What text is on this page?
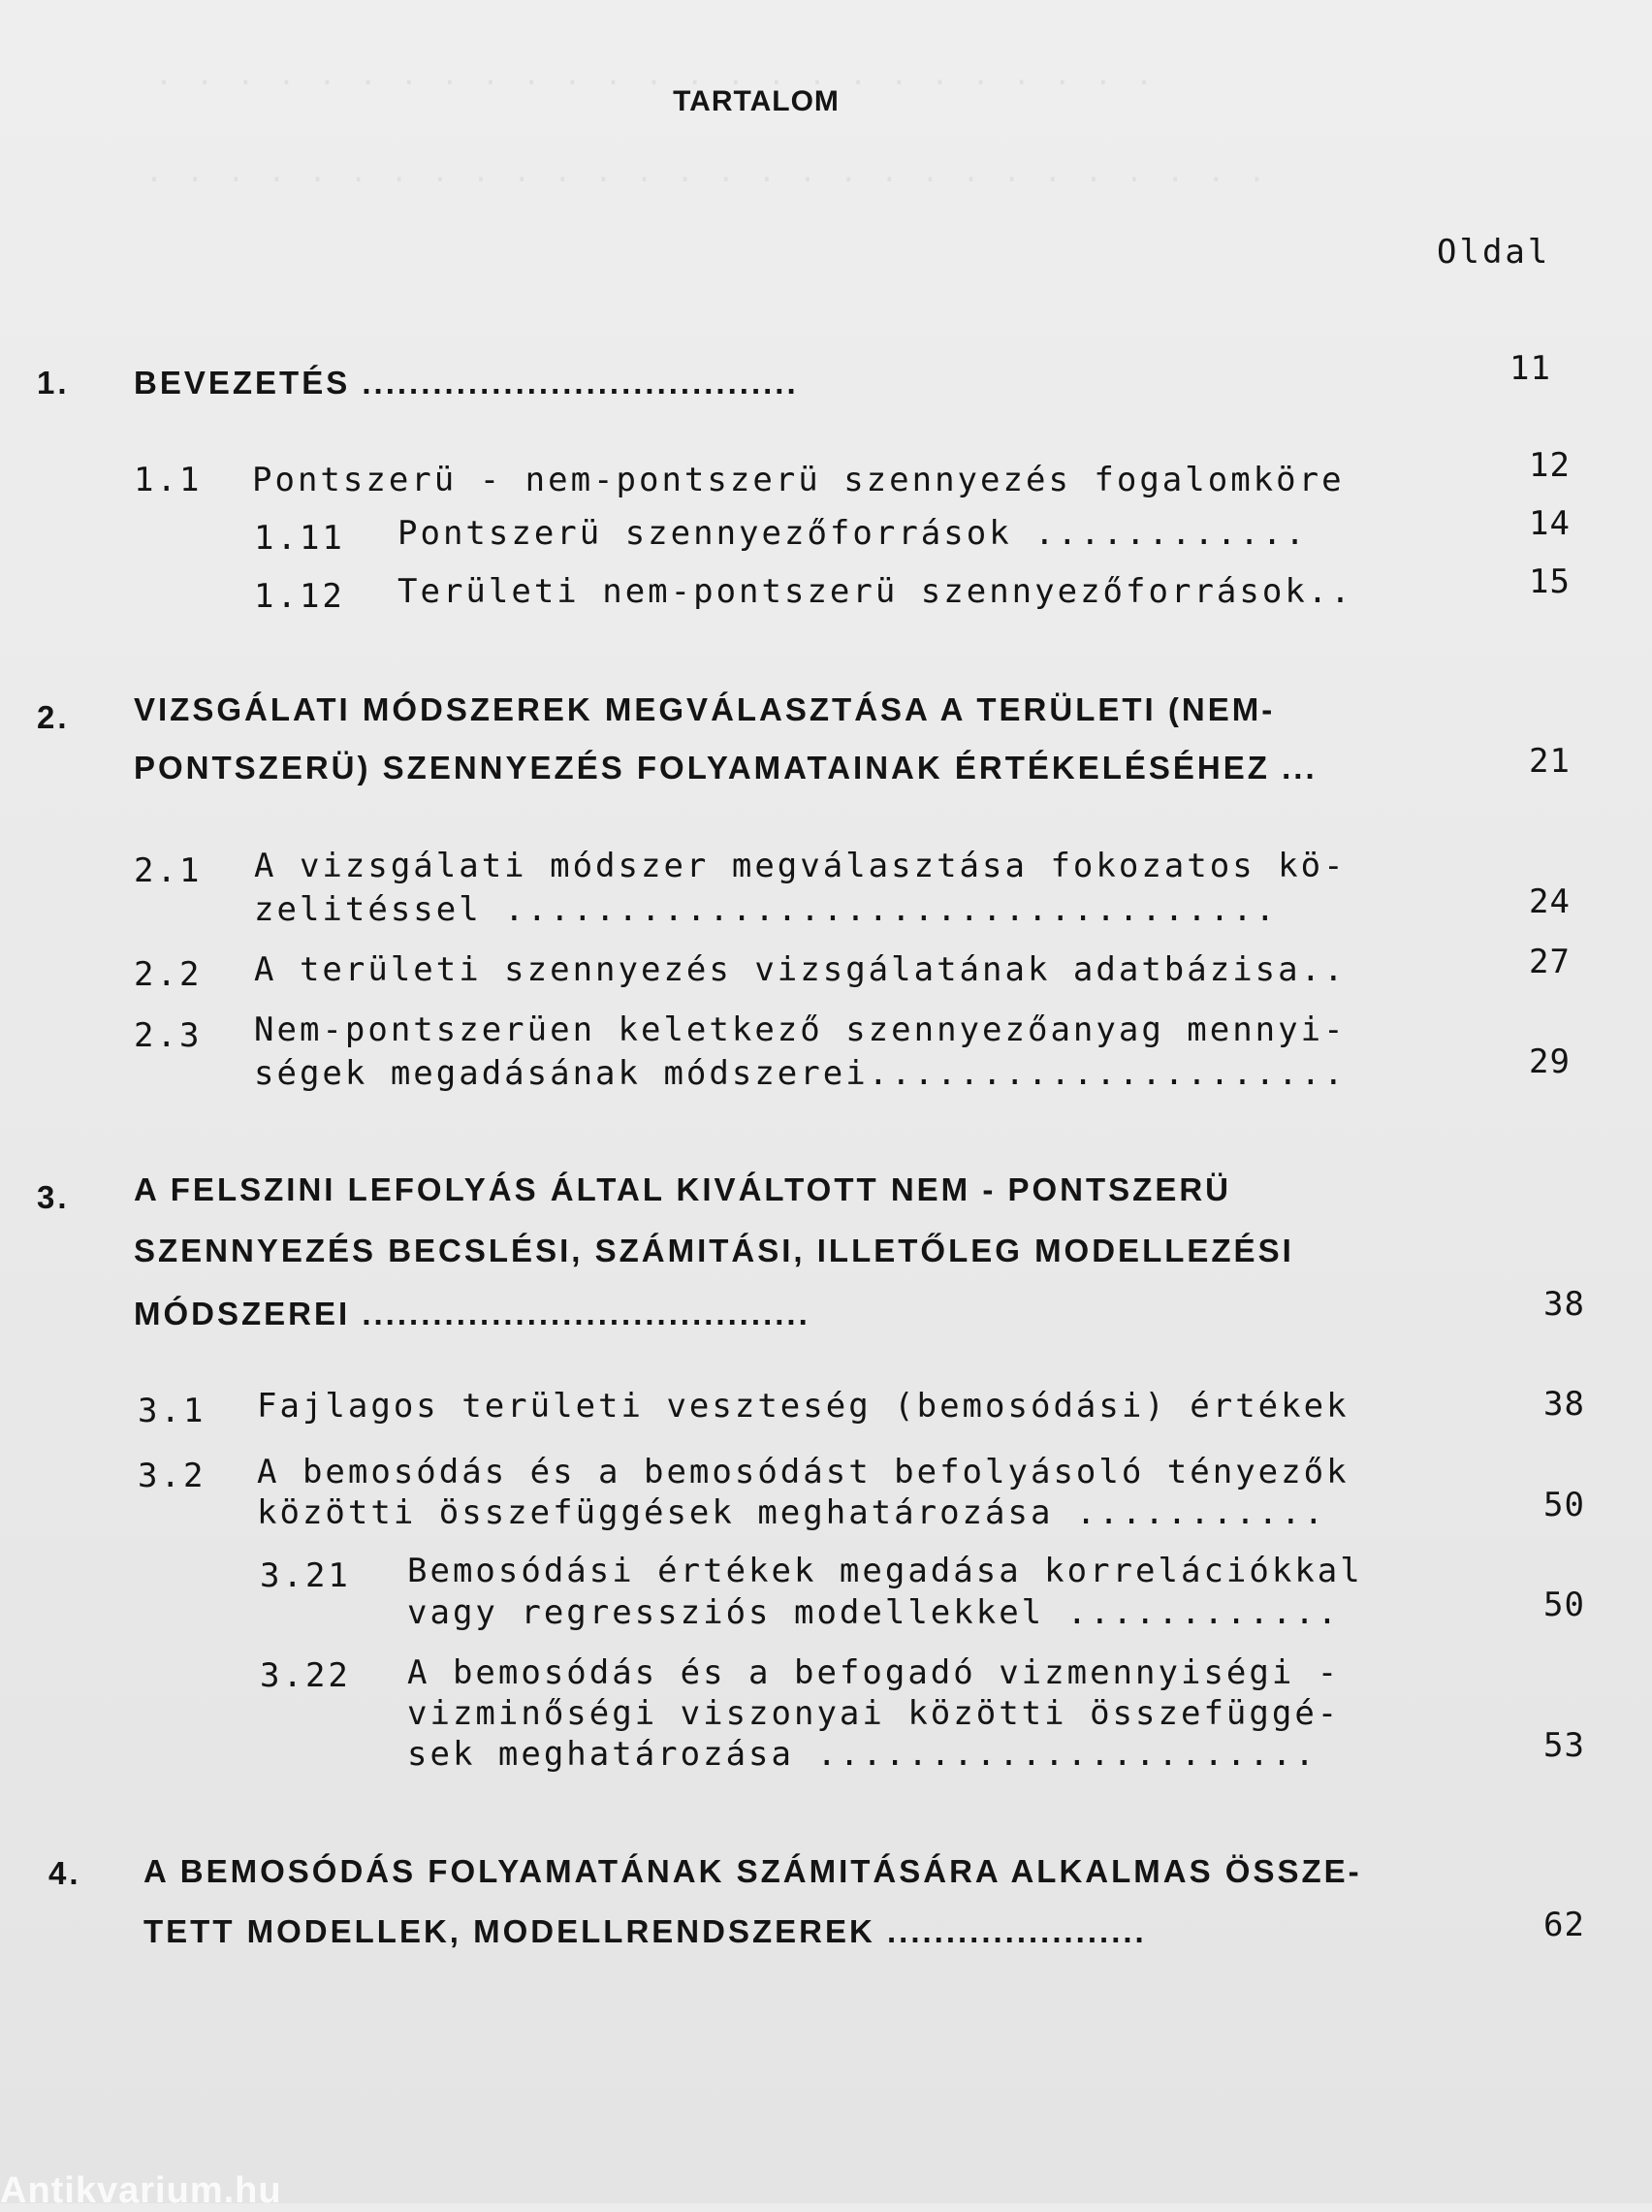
. . . . . . . . . . . . . . . . . . . . . . . . .
. . . . . . . . . . . . . . . . . . . . . . . . . . . .
TARTALOM
Oldal
1. BEVEZETÉS .....................................	11
1.1 Pontszerü - nem-pontszerü szennyezés fogalomköre	12
1.11 Pontszerü szennyezőforrások ............	14
1.12 Területi nem-pontszerü szennyezőforrások..	15
2. VIZSGÁLATI MÓDSZEREK MEGVÁLASZTÁSA A TERÜLETI (NEM-
PONTSZERÜ) SZENNYEZÉS FOLYAMATAINAK ÉRTÉKELÉSÉHEZ ...	21
2.1 A vizsgálati módszer megválasztása fokozatos kö-
zelitéssel ..................................	24
2.2 A területi szennyezés vizsgálatának adatbázisa..	27
2.3 Nem-pontszerüen keletkező szennyezőanyag mennyi-
ségek megadásának módszerei.....................	29
3. A FELSZINI LEFOLYÁS ÁLTAL KIVÁLTOTT NEM - PONTSZERÜ
SZENNYEZÉS BECSLÉSI, SZÁMITÁSI, ILLETŐLEG MODELLEZÉSI
MÓDSZEREI ......................................	38
3.1 Fajlagos területi veszteség (bemosódási) értékek	38
3.2 A bemosódás és a bemosódást befolyásoló tényezők
közötti összefüggések meghatározása ...........	50
3.21 Bemosódási értékek megadása korrelációkkal
vagy regressziós modellekkel ............	50
3.22 A bemosódás és a befogadó vizmennyiségi -
vizminőségi viszonyai közötti összefüggé-
sek meghatározása ......................	53
4. A BEMOSÓDÁS FOLYAMATÁNAK SZÁMITÁSÁRA ALKALMAS ÖSSZE-
TETT MODELLEK, MODELLRENDSZEREK ......................	62
Antikvarium.hu
